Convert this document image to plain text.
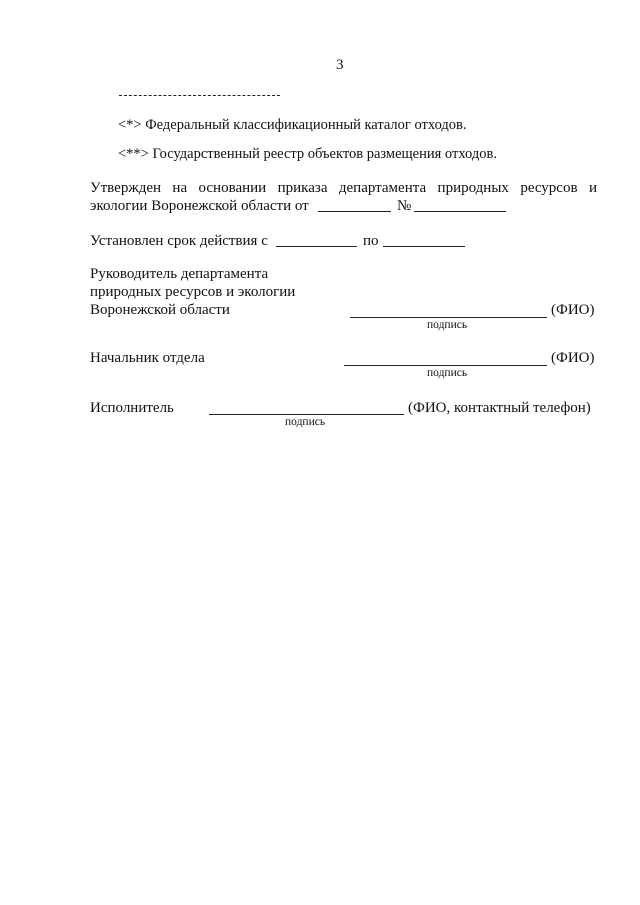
3
<*> Федеральный классификационный каталог отходов.
<**> Государственный реестр объектов размещения отходов.
Утвержден на основании приказа департамента природных ресурсов и
экологии Воронежской области от	№
Установлен срок действия с	по
Руководитель департамента
природных ресурсов и экологии
Воронежской области	(ФИО)
подпись
Начальник отдела	(ФИО)
подпись
Исполнитель	(ФИО, контактный телефон)
подпись
